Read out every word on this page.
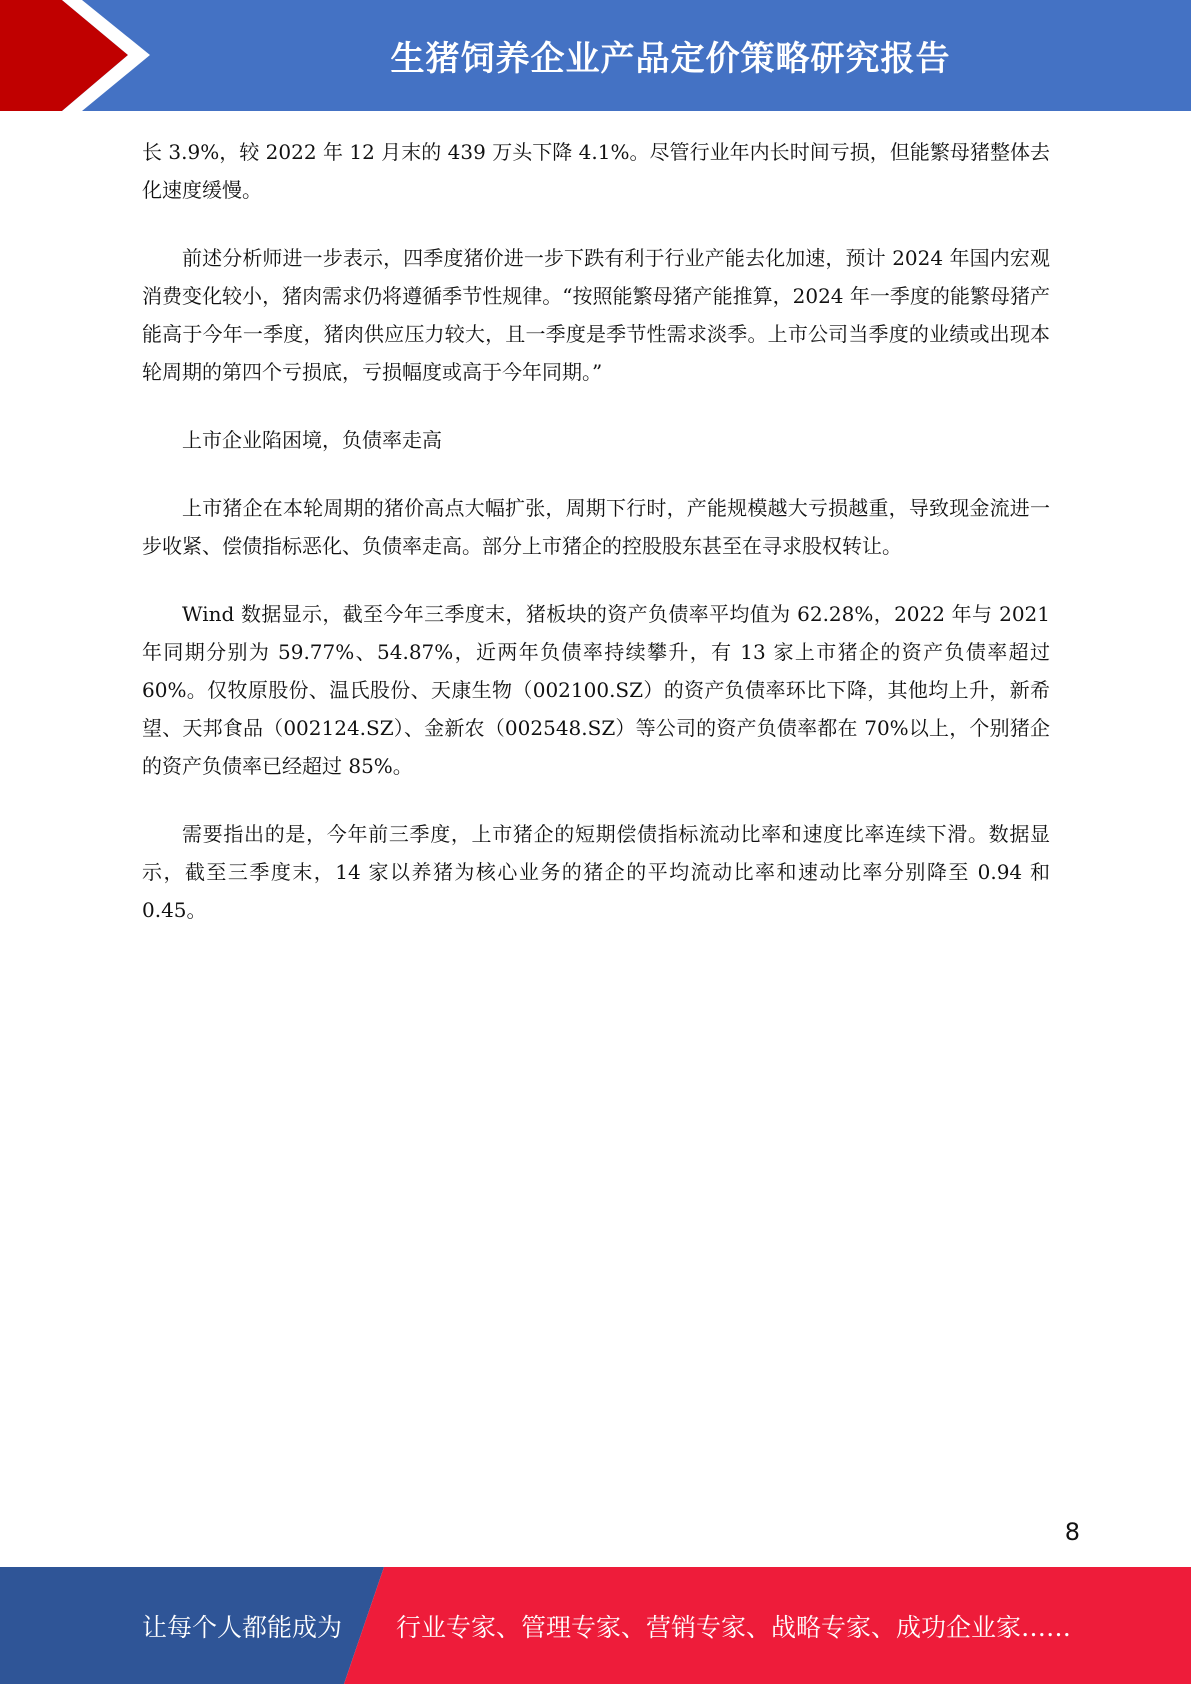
生猪饲养企业产品定价策略研究报告

长 3.9%，较 2022 年 12 月末的 439 万头下降 4.1%。尽管行业年内长时间亏损，但能繁母猪整体去化速度缓慢。

前述分析师进一步表示，四季度猪价进一步下跌有利于行业产能去化加速，预计 2024 年国内宏观消费变化较小，猪肉需求仍将遵循季节性规律。“按照能繁母猪产能推算，2024 年一季度的能繁母猪产能高于今年一季度，猪肉供应压力较大，且一季度是季节性需求淡季。上市公司当季度的业绩或出现本轮周期的第四个亏损底，亏损幅度或高于今年同期。”

上市企业陷困境，负债率走高

上市猪企在本轮周期的猪价高点大幅扩张，周期下行时，产能规模越大亏损越重，导致现金流进一步收紧、偿债指标恶化、负债率走高。部分上市猪企的控股股东甚至在寻求股权转让。

Wind 数据显示，截至今年三季度末，猪板块的资产负债率平均值为 62.28%，2022 年与 2021 年同期分别为 59.77%、54.87%，近两年负债率持续攀升，有 13 家上市猪企的资产负债率超过 60%。仅牧原股份、温氏股份、天康生物（002100.SZ）的资产负债率环比下降，其他均上升，新希望、天邦食品（002124.SZ）、金新农（002548.SZ）等公司的资产负债率都在 70%以上，个别猪企的资产负债率已经超过 85%。

需要指出的是，今年前三季度，上市猪企的短期偿债指标流动比率和速度比率连续下滑。数据显示，截至三季度末，14 家以养猪为核心业务的猪企的平均流动比率和速动比率分别降至 0.94 和 0.45。

8
让每个人都能成为 行业专家、管理专家、营销专家、战略专家、成功企业家……
